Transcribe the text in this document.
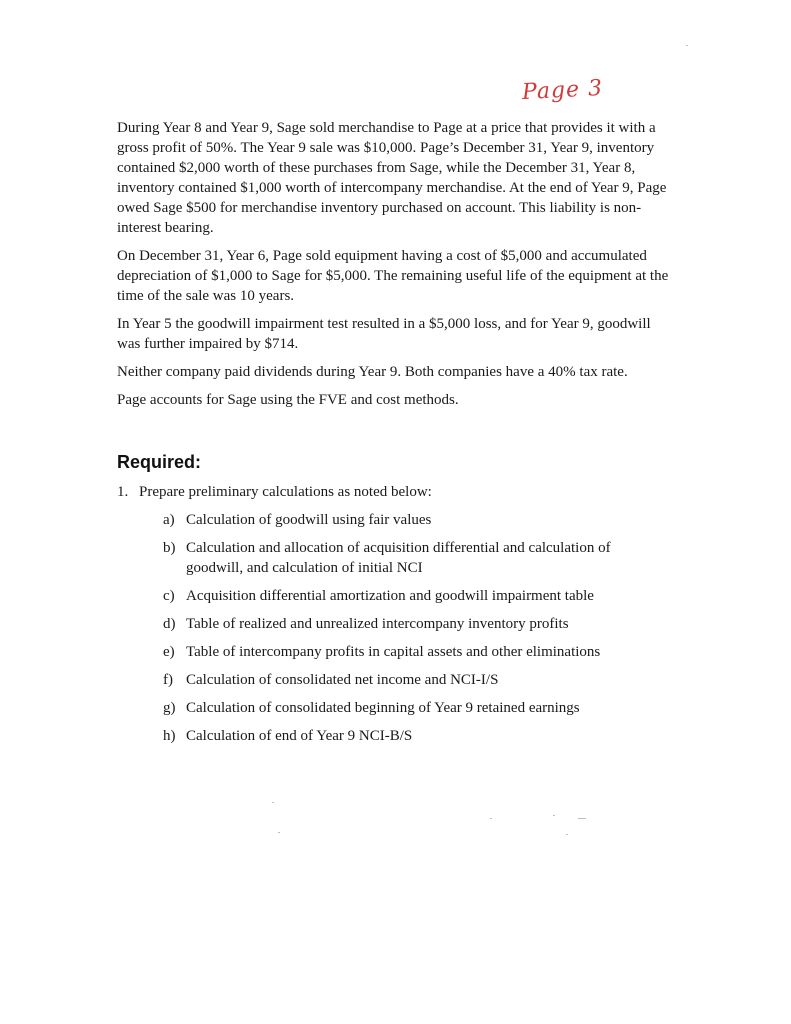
Page 3

During Year 8 and Year 9, Sage sold merchandise to Page at a price that provides it with a gross profit of 50%. The Year 9 sale was $10,000. Page’s December 31, Year 9, inventory contained $2,000 worth of these purchases from Sage, while the December 31, Year 8, inventory contained $1,000 worth of intercompany merchandise. At the end of Year 9, Page owed Sage $500 for merchandise inventory purchased on account. This liability is non-interest bearing.

On December 31, Year 6, Page sold equipment having a cost of $5,000 and accumulated depreciation of $1,000 to Sage for $5,000. The remaining useful life of the equipment at the time of the sale was 10 years.

In Year 5 the goodwill impairment test resulted in a $5,000 loss, and for Year 9, goodwill was further impaired by $714.

Neither company paid dividends during Year 9. Both companies have a 40% tax rate.

Page accounts for Sage using the FVE and cost methods.

Required:
1. Prepare preliminary calculations as noted below:
a) Calculation of goodwill using fair values
b) Calculation and allocation of acquisition differential and calculation of goodwill, and calculation of initial NCI
c) Acquisition differential amortization and goodwill impairment table
d) Table of realized and unrealized intercompany inventory profits
e) Table of intercompany profits in capital assets and other eliminations
f) Calculation of consolidated net income and NCI-I/S
g) Calculation of consolidated beginning of Year 9 retained earnings
h) Calculation of end of Year 9 NCI-B/S
